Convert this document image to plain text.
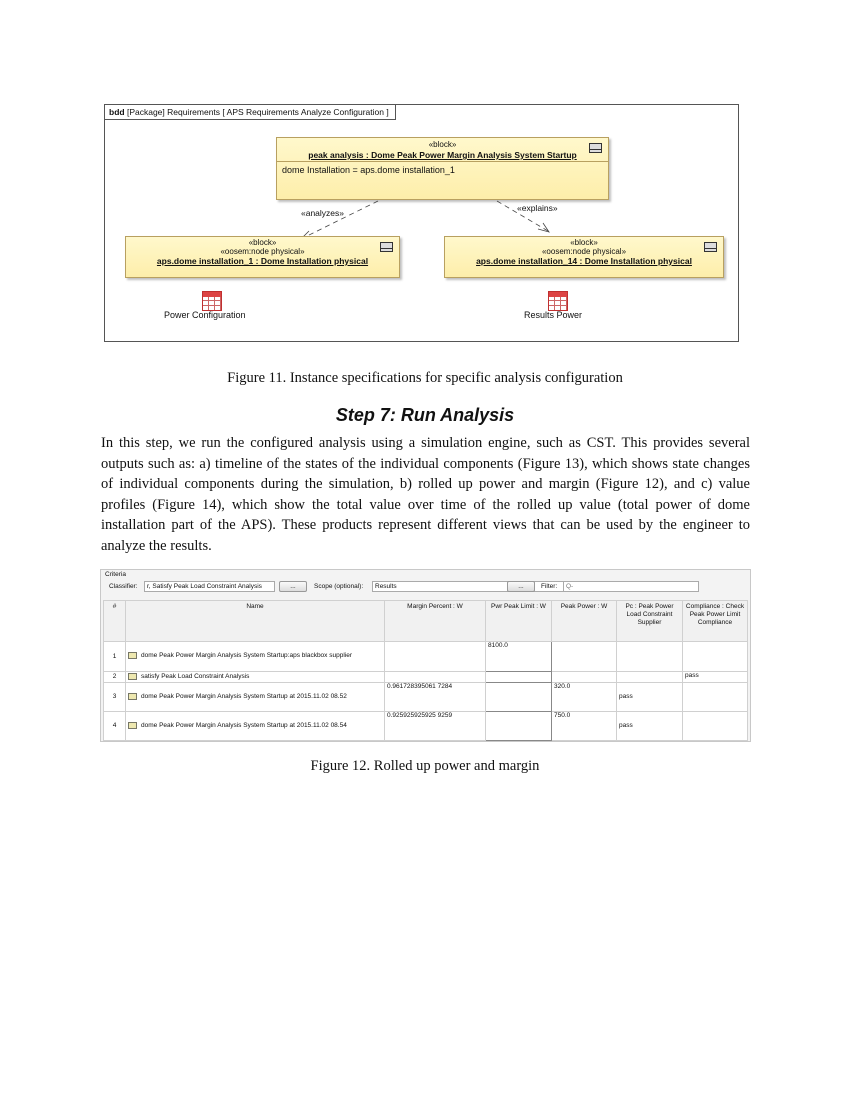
bdd [Package] Requirements [ APS Requirements Analyze Configuration ]
«block»
peak analysis : Dome Peak Power Margin Analysis System Startup
dome Installation = aps.dome installation_1
«analyzes»	«explains»
«block»
«oosem:node physical»
aps.dome installation_1 : Dome Installation physical
«block»
«oosem:node physical»
aps.dome installation_14 : Dome Installation physical
Power Configuration	Results Power
Figure 11. Instance specifications for specific analysis configuration
Step 7: Run Analysis
In this step, we run the configured analysis using a simulation engine, such as CST. This provides several outputs such as: a) timeline of the states of the individual components (Figure 13), which shows state changes of individual components during the simulation, b) rolled up power and margin (Figure 12), and c) value profiles (Figure 14), which show the total value over time of the rolled up value (total power of dome installation part of the APS). These products represent different views that can be used by the engineer to analyze the results.
Criteria
Classifier:	r, Satisfy Peak Load Constraint Analysis	...	Scope (optional):	Results	...	Filter:	Q-
#	Name	Margin Percent : W	Pwr Peak Limit : W	Peak Power : W	Pc : Peak Power Load Constraint Supplier	Compliance : Check Peak Power Limit Compliance
1	dome Peak Power Margin Analysis System Startup:aps blackbox supplier		8100.0			
2	satisfy Peak Load Constraint Analysis					pass
3	dome Peak Power Margin Analysis System Startup at 2015.11.02 08.52	0.961728395061 7284		320.0	pass	
4	dome Peak Power Margin Analysis System Startup at 2015.11.02 08.54	0.925925925925 9259		750.0	pass	
Figure 12. Rolled up power and margin
